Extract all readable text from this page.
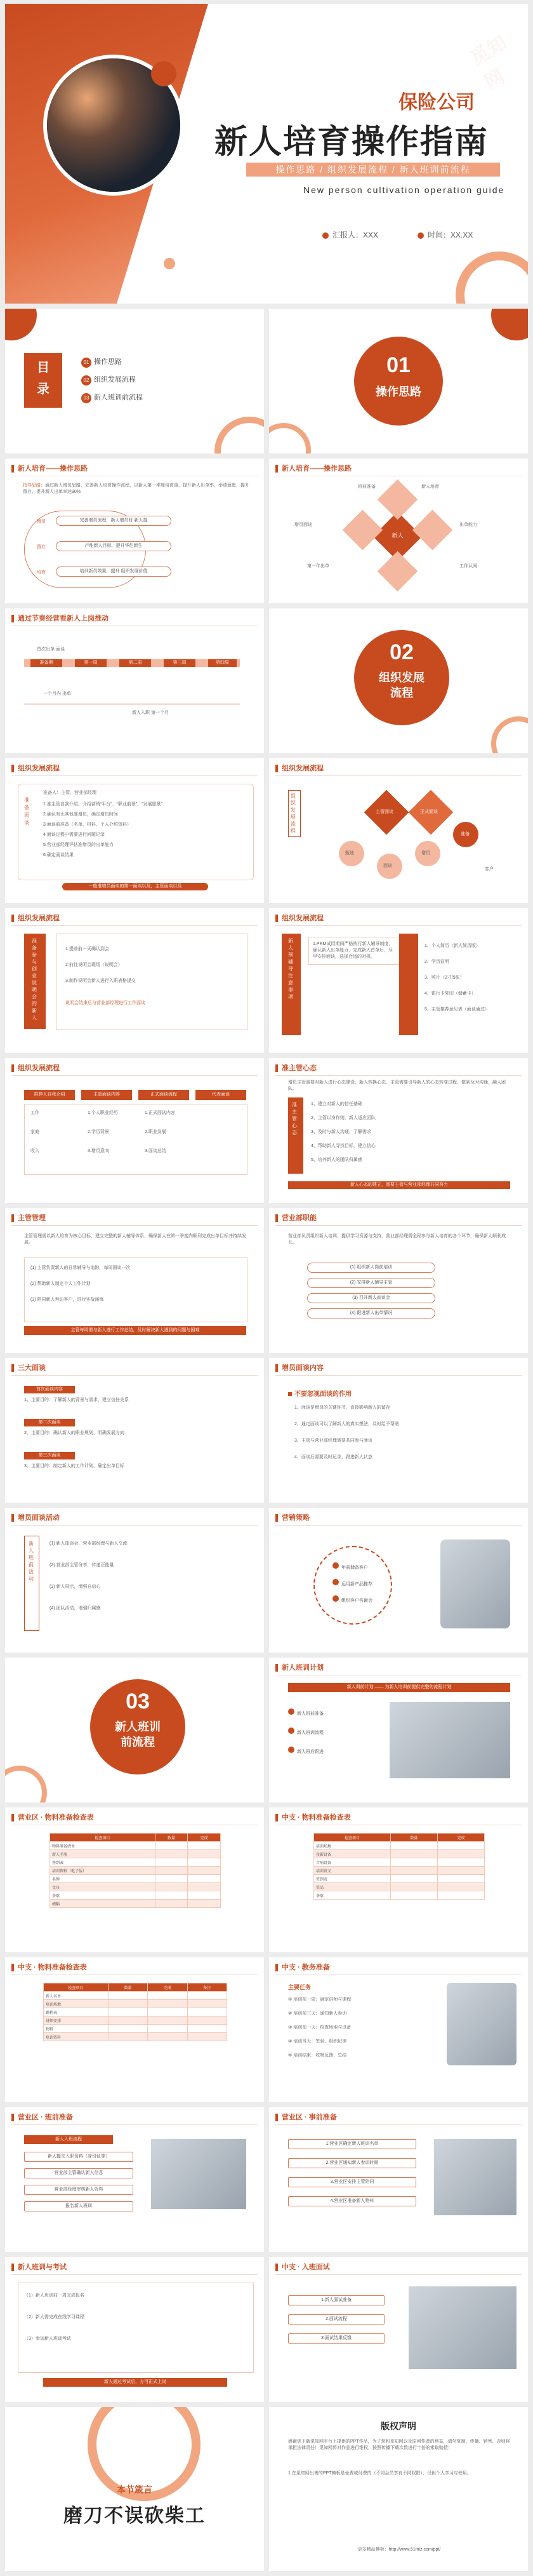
保险公司
新人培育操作指南
操作思路 / 组织发展流程 / 新人班训前流程
New person cultivation operation guide
汇报人：XXX	时间：XX.XX
觅知网
目
录
01 操作思路
02 组织发展流程
03 新人班训前流程
01
操作思路
新人培育——操作思路
指导思路：通过新人增员思路，完善新人培育操作流程，以新人第一季度培育重，提升新人出单率，举绩意愿，提升留存，提升新人出单率达90%
增员
留存
培育
完善增员流程，新人增员时 新人提
产能新人目标，提升华佗新生
培训新员效果，提升 组织发展价值
新人培育——操作思路
新人
增员面谈	出单能力
第一年出单	工作认同
班前准备	新人培育
通过节奏经营看新人上岗推动
准备期	第一周	第二周	第三周	第四周
首次出单 面谈
一个月内 出单
新人入职 第一个月
02
组织发展
流程
组织发展流程
准 备 面 谈
准备人：主管、营业部经理
1.准主管自我介绍，介绍营销“平台”、“职业前景”、“发展愿景”
2.确认有无其他准增员，确定增员时间
3.面谈前准备（名单、材料、个人介绍资料）
4.面谈过程中需要进行问题记录
5.营业部经理评估准增员的出单能力
6.确定面谈结果
一般准增员面谈的第一面谈以及，主管面谈以及
组织发展流程
组织发展流程
甄选
面谈
增员
准备
主管面谈	正式面谈
客户
组织发展流程
准备参与创业说明会的新人
1.提前前一天确认到会
2.前往说明会现场（说明会）
3.制作说明会新人进行入职表格提交
说明会结束后与营业部经理进行工作面谈
组织发展流程
新人预辅导注意事项
1.PRM试用期间严格执行新人辅导制度，确认新人出单能力，完成新人首单后，尽早安排面谈，选择合适的时机。
1、个人简历（新人简历版）
2、学历证明
3、照片（2寸/5张）
4、银行卡复印（储蓄卡）
5、主管推荐意见表（面谈通过）
组织发展流程
推荐人自我介绍	主管面谈内容	正式面谈流程	代表面谈
工作	1.个人职业经历	1.正式面试内容
家庭	2.学历背景	2.职业发展
收入	3.增员意向	3.面谈总结
准主管心态
增员主管需要对新人进行心态建设，新人转换心态，主管需要引导新人的心态转变过程，做到及时沟通，融入团队。
准主管心态
1、建立对新人的信任基础
2、主管以身作则，新人适应团队
3、及时与新人沟通，了解需求
4、帮助新人寻找目标，建立信心
5、培养新人的团队归属感
新人心态的建立，需要主管与营业部经理共同努力
主管管理
主管管理需以新人培育为核心目标，建立完整的新人辅导体系，确保新人在第一季度内顺利完成出单目标并持续发展。
(1) 主管负责新人的日常辅导与追踪，每周面谈一次
(2) 帮助新人制定个人工作计划
(3) 陪同新人拜访客户，进行实战演练
主管每周需与新人进行工作总结，及时解决新人遇到的问题与困难
营业部职能
营业部负责组织新人培训，提供学习资源与支持，营业部经理需全程参与新人培育的各个环节，确保新人顺利成长。
(1) 组织新人岗前培训
(2) 安排新人辅导主管
(3) 召开新人座谈会
(4) 跟进新人出单情况
三大面谈
首次面谈内容
1、主要目的：了解新人的背景与需求，建立信任关系
第二次面谈
2、主要目的：确认新人的职业规划，明确发展方向
第三次面谈
3、主要目的：制定新人的工作计划，确定出单目标
增员面谈内容
不要忽视面谈的作用
1、面谈是增员的关键环节，直接影响新人的留存
2、通过面谈可以了解新人的真实想法，及时给予帮助
3、主管与营业部经理需要共同参与面谈
4、面谈后需要及时记录，跟进新人状态
增员面谈活动
新人班前活动
(1) 新人座谈会，营业部经理与新人交流
(2) 营业部主管分享，传递正能量
(3) 新人展示，增强自信心
(4) 团队活动，增强归属感
营销策略
年前储备客户
运用新产品推荐
组织客户答谢会
03
新人班训
前流程
新人班训计划
新人训前计划 —— 为新人培训前提供完整的流程计划
新人班前准备
新人班训流程
新人班后跟进
营业区 · 物料准备检查表
检查项目	数量	完成
物料准备清单		
新人手册		
签到表		
培训资料（电子版）		
名牌		
文具		
茶歇		
横幅		
中支 · 物料准备检查表
检查项目	数量	完成
培训场地		
投影设备		
音响设备		
培训讲义		
签到表		
奖品		
茶歇		
中支 · 物料准备检查表
检查项目	数量	完成	备注
新人名单			
培训场地			
课程表			
讲师安排			
物料			
培训资料			
中支 · 教务准备
主要任务
① 培训前一周：确定讲师与课程
② 培训前三天：通知新人参训
③ 培训前一天：检查场地与设备
④ 培训当天：签到、组织纪律
⑤ 培训结束：收集反馈，总结
营业区 · 班前准备
新人入班流程
新人提交入职资料（身份证等）
营业部主管确认新人信息
营业部经理审核新人资料
报名新人班训
营业区 · 事前准备
1.营业区确定新人班训名单
2.营业区通知新人参训时间
3.营业区安排主管陪同
4.营业区准备新人物料
新人班训与考试
（1）新人班训前一周完成报名
（2）新人需完成在线学习课程
（3）参加新人班训考试
新人通过考试后，方可正式上岗
中支 · 入班面试
1.新人面试准备
2.面试流程
3.面试结果反馈
本节箴言
磨刀不误砍柴工
版权声明
感谢您下载觅知网平台上提供的PPT作品，为了您和觅知网以及原创作者的利益，请勿复制、传播、销售，否则将承担法律责任！觅知网将对作品进行维权，按照传播下载次数进行十倍的索取赔偿！
1.在觅知网出售的PPT模板是免费或付费的（不同会员享有不同权限），仅供个人学习与使用。
更多精品模板：http://www.51miz.com/ppt/
